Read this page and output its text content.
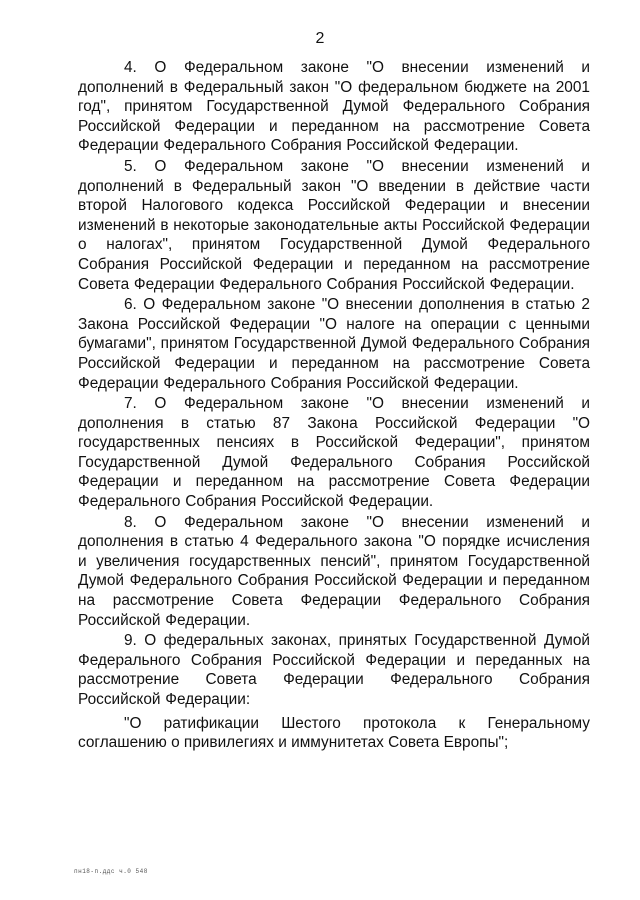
2

4. О Федеральном законе "О внесении изменений и дополнений в Федеральный закон "О федеральном бюджете на 2001 год", принятом Государственной Думой Федерального Собрания Российской Федерации и переданном на рассмотрение Совета Федерации Федерального Собрания Российской Федерации.

5. О Федеральном законе "О внесении изменений и дополнений в Федеральный закон "О введении в действие части второй Налогового кодекса Российской Федерации и внесении изменений в некоторые законодательные акты Российской Федерации о налогах", принятом Государственной Думой Федерального Собрания Российской Федерации и переданном на рассмотрение Совета Федерации Федерального Собрания Российской Федерации.

6. О Федеральном законе "О внесении дополнения в статью 2 Закона Российской Федерации "О налоге на операции с ценными бумагами", принятом Государственной Думой Федерального Собрания Российской Федерации и переданном на рассмотрение Совета Федерации Федерального Собрания Российской Федерации.

7. О Федеральном законе "О внесении изменений и дополнения в статью 87 Закона Российской Федерации "О государственных пенсиях в Российской Федерации", принятом Государственной Думой Федерального Собрания Российской Федерации и переданном на рассмотрение Совета Федерации Федерального Собрания Российской Федерации.

8. О Федеральном законе "О внесении изменений и дополнения в статью 4 Федерального закона "О порядке исчисления и увеличения государственных пенсий", принятом Государственной Думой Федерального Собрания Российской Федерации и переданном на рассмотрение Совета Федерации Федерального Собрания Российской Федерации.

9. О федеральных законах, принятых Государственной Думой Федерального Собрания Российской Федерации и переданных на рассмотрение Совета Федерации Федерального Собрания Российской Федерации:

"О ратификации Шестого протокола к Генеральному соглашению о привилегиях и иммунитетах Совета Европы";

пн18-п.ддс ч.0 548
